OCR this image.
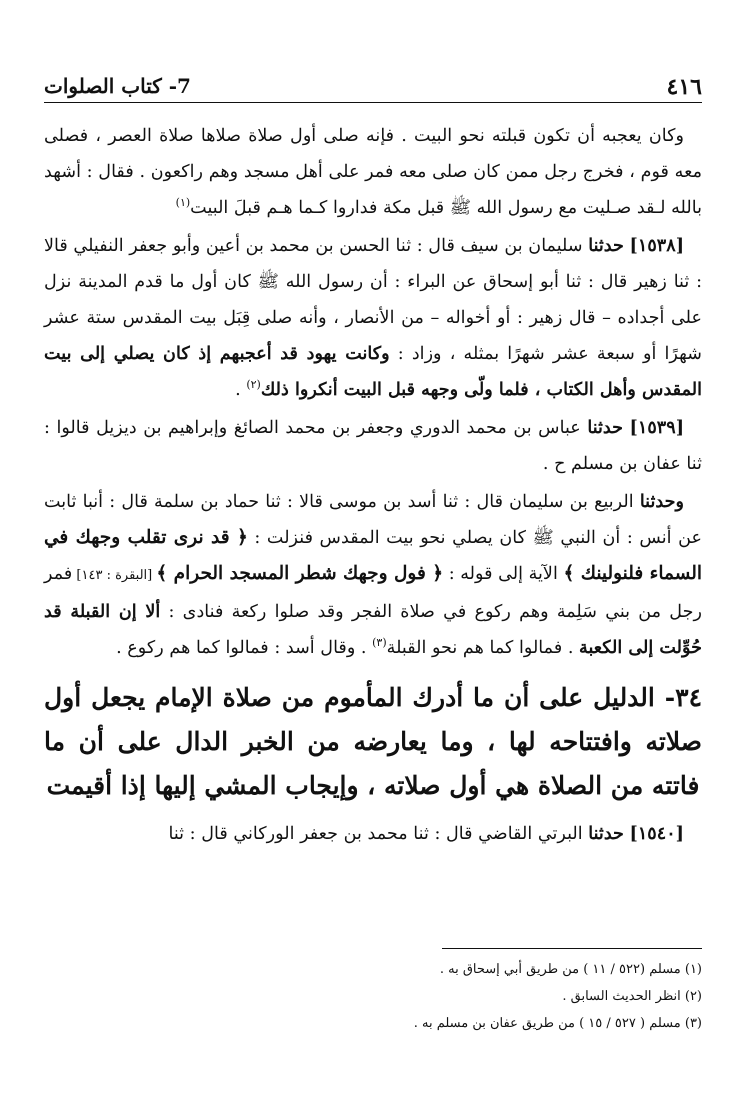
٤١٦
7- كتاب الصلوات
وكان يعجبه أن تكون قبلته نحو البيت . فإنه صلى أول صلاة صلاها صلاة العصر ، فصلى معه قوم ، فخرج رجل ممن كان صلى معه فمر على أهل مسجد وهم راكعون . فقال : أشهد بالله لـقد صـليت مع رسول الله ﷺ قبل مكة فداروا كـما هـم قبلَ البيت$^{(١)}$
[١٥٣٨] حدثنا سليمان بن سيف قال : ثنا الحسن بن محمد بن أعين وأبو جعفر النفيلي قالا : ثنا زهير قال : ثنا أبو إسحاق عن البراء : أن رسول الله ﷺ كان أول ما قدم المدينة نزل على أجداده – قال زهير : أو أخواله – من الأنصار ، وأنه صلى قِبَل بيت المقدس ستة عشر شهرًا أو سبعة عشر شهرًا بمثله ، وزاد : وكانت يهود قد أعجبهم إذ كان يصلي إلى بيت المقدس وأهل الكتاب ، فلما ولّى وجهه قبل البيت أنكروا ذلك$^{(٢)}$ .
[١٥٣٩] حدثنا عباس بن محمد الدوري وجعفر بن محمد الصائغ وإبراهيم بن ديزيل قالوا : ثنا عفان بن مسلم ح .
وحدثنا الربيع بن سليمان قال : ثنا أسد بن موسى قالا : ثنا حماد بن سلمة قال : أنبا ثابت عن أنس : أن النبي ﷺ كان يصلي نحو بيت المقدس فنزلت : ﴿ قد نرى تقلب وجهك في السماء فلنولينك ﴾ الآية إلى قوله : ﴿ فول وجهك شطر المسجد الحرام ﴾ [البقرة : ١٤٣] فمر رجل من بني سَلِمة وهم ركوع في صلاة الفجر وقد صلوا ركعة فنادى : ألا إن القبلة قد حُوِّلت إلى الكعبة . فمالوا كما هم نحو القبلة$^{(٣)}$ . وقال أسد : فمالوا كما هم ركوع .
٣٤- الدليل على أن ما أدرك المأموم من صلاة الإمام يجعل أول صلاته وافتتاحه لها ، وما يعارضه من الخبر الدال على أن ما فاتته من الصلاة هي أول صلاته ، وإيجاب المشي إليها إذا أقيمت
[١٥٤٠] حدثنا البرتي القاضي قال : ثنا محمد بن جعفر الوركاني قال : ثنا
(١) مسلم (٥٢٢ / ١١ ) من طريق أبي إسحاق به .
(٢) انظر الحديث السابق .
(٣) مسلم ( ٥٢٧ / ١٥ ) من طريق عفان بن مسلم به .
